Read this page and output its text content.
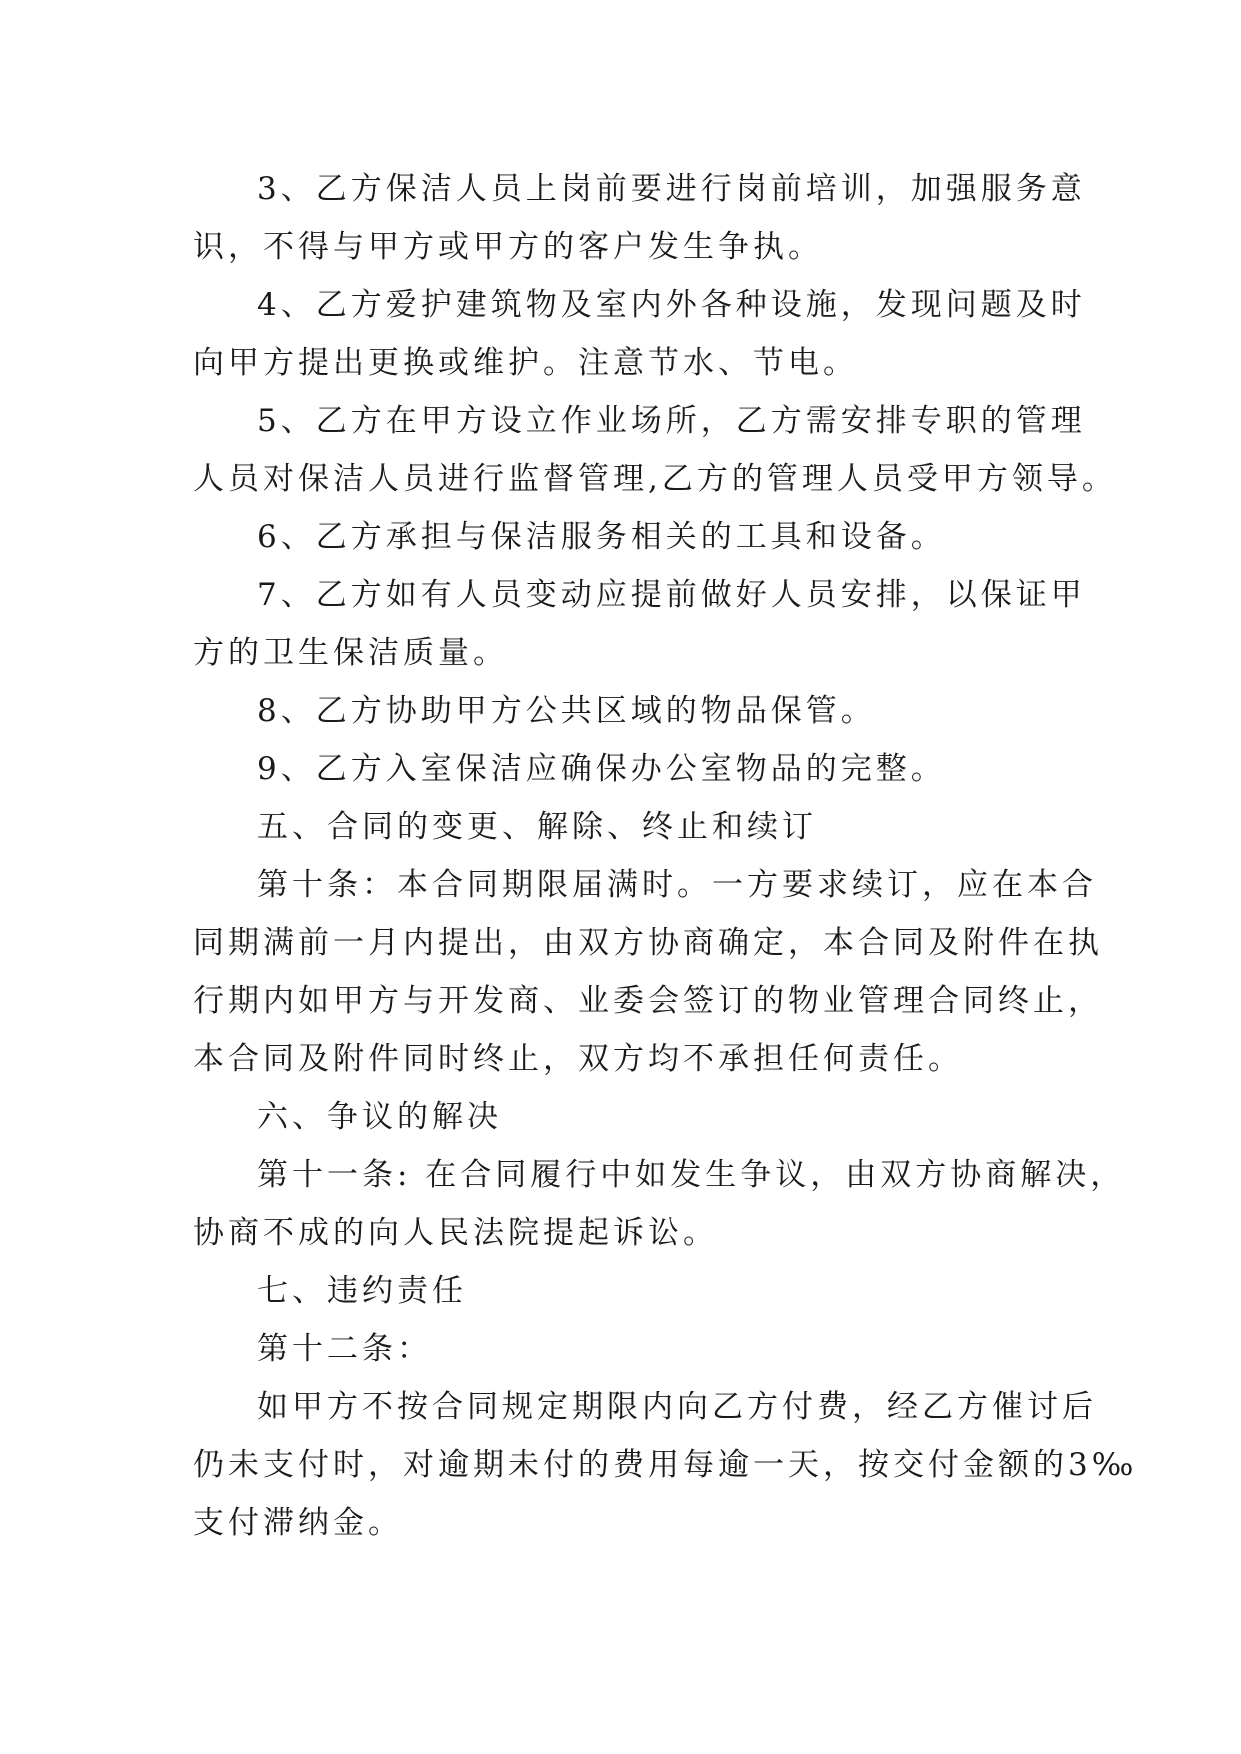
3、乙方保洁人员上岗前要进行岗前培训，加强服务意
识，不得与甲方或甲方的客户发生争执。
4、乙方爱护建筑物及室内外各种设施，发现问题及时
向甲方提出更换或维护。注意节水、节电。
5、乙方在甲方设立作业场所，乙方需安排专职的管理
人员对保洁人员进行监督管理,乙方的管理人员受甲方领导。
6、乙方承担与保洁服务相关的工具和设备。
7、乙方如有人员变动应提前做好人员安排，以保证甲
方的卫生保洁质量。
8、乙方协助甲方公共区域的物品保管。
9、乙方入室保洁应确保办公室物品的完整。
五、合同的变更、解除、终止和续订
第十条：本合同期限届满时。一方要求续订，应在本合
同期满前一月内提出，由双方协商确定，本合同及附件在执
行期内如甲方与开发商、业委会签订的物业管理合同终止，
本合同及附件同时终止，双方均不承担任何责任。
六、争议的解决
第十一条: 在合同履行中如发生争议，由双方协商解决，
协商不成的向人民法院提起诉讼。
七、违约责任
第十二条：
如甲方不按合同规定期限内向乙方付费，经乙方催讨后
仍未支付时，对逾期未付的费用每逾一天，按交付金额的3‰
支付滞纳金。
